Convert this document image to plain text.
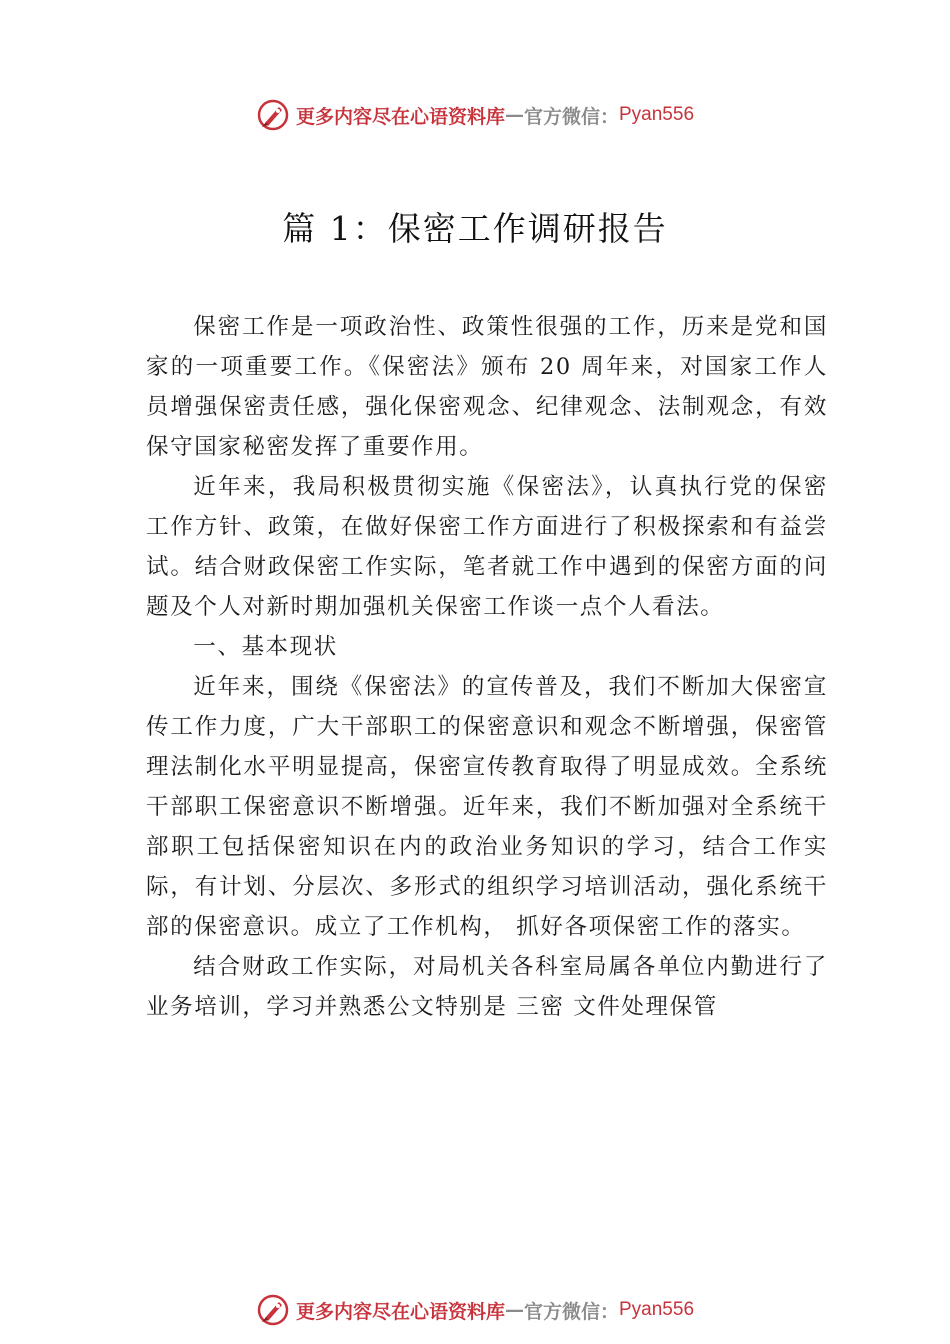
更多内容尽在心语资料库 — 官方微信： Pyan556
篇 1：保密工作调研报告

保密工作是一项政治性、政策性很强的工作，历来是党和国家的一项重要工作。《保密法》颁布 20 周年来，对国家工作人员增强保密责任感，强化保密观念、纪律观念、法制观念，有效保守国家秘密发挥了重要作用。

近年来，我局积极贯彻实施《保密法》，认真执行党的保密工作方针、政策，在做好保密工作方面进行了积极探索和有益尝试。结合财政保密工作实际，笔者就工作中遇到的保密方面的问题及个人对新时期加强机关保密工作谈一点个人看法。

一、基本现状

近年来，围绕《保密法》的宣传普及，我们不断加大保密宣传工作力度，广大干部职工的保密意识和观念不断增强，保密管理法制化水平明显提高，保密宣传教育取得了明显成效。全系统干部职工保密意识不断增强。近年来，我们不断加强对全系统干部职工包括保密知识在内的政治业务知识的学习，结合工作实际，有计划、分层次、多形式的组织学习培训活动，强化系统干部的保密意识。成立了工作机构， 抓好各项保密工作的落实。

结合财政工作实际，对局机关各科室局属各单位内勤进行了业务培训，学习并熟悉公文特别是 三密 文件处理保管

更多内容尽在心语资料库 — 官方微信： Pyan556
